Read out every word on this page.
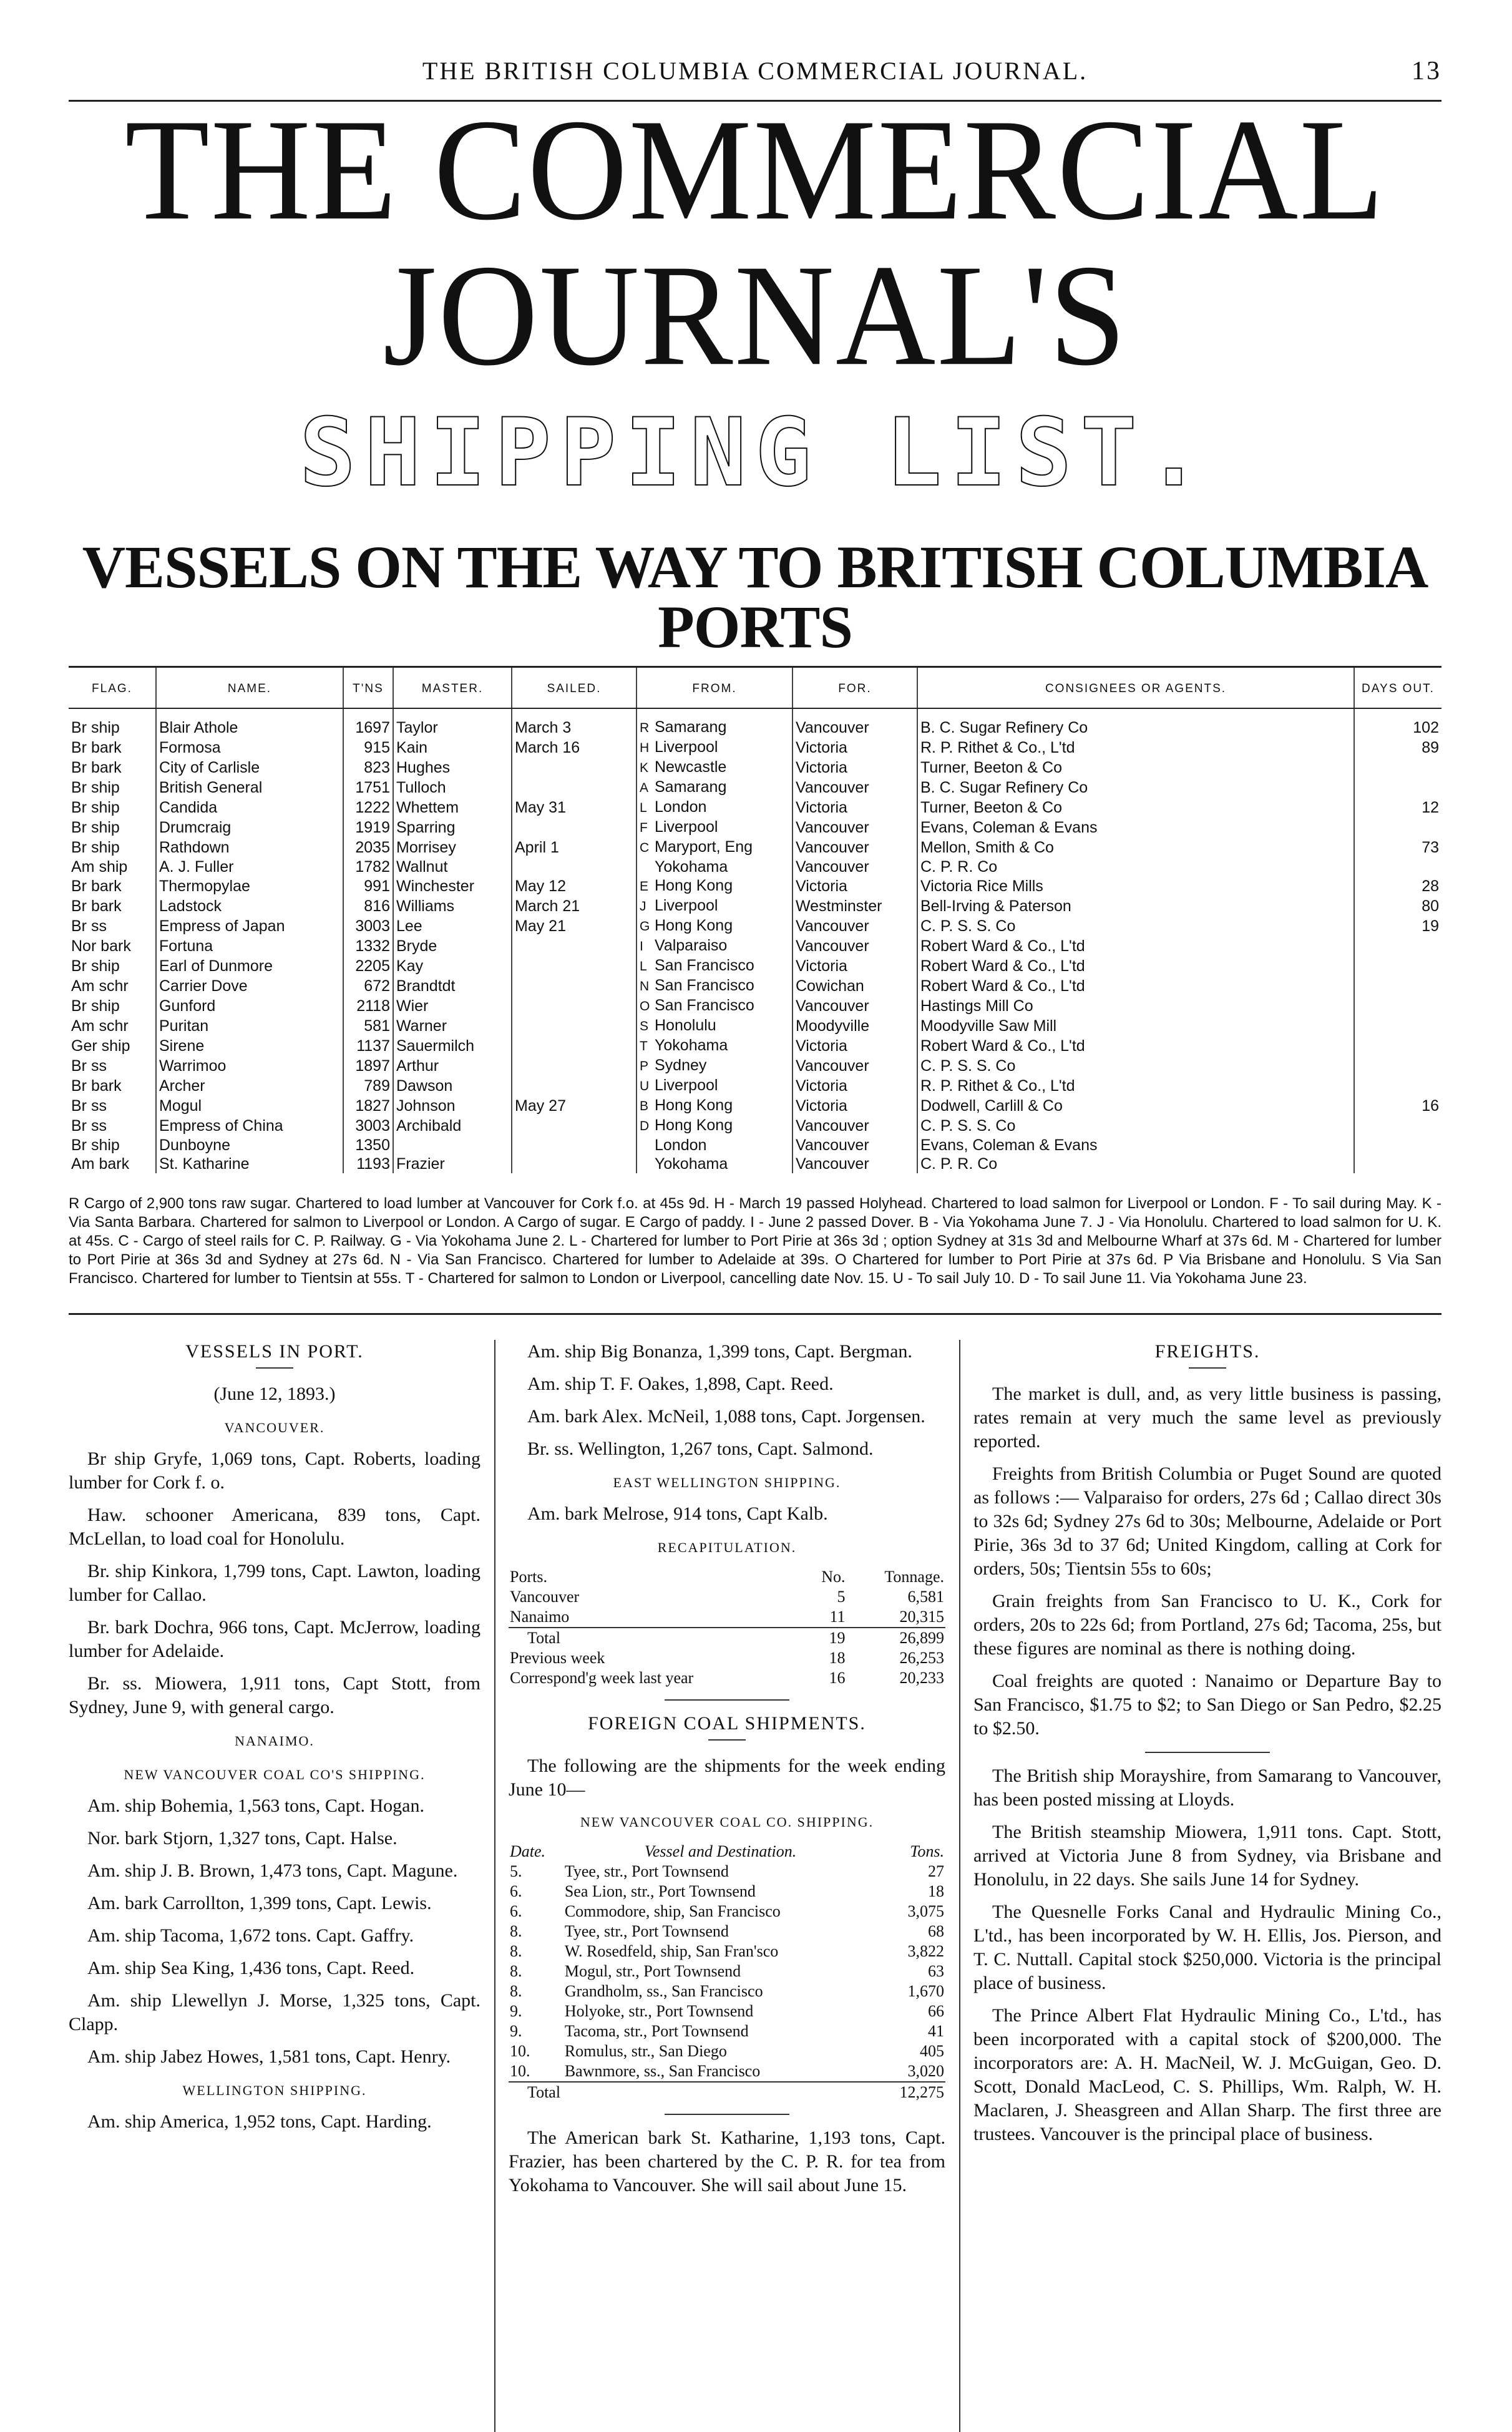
THE BRITISH COLUMBIA COMMERCIAL JOURNAL.	13
THE COMMERCIAL JOURNAL'S
SHIPPING LIST.
VESSELS ON THE WAY TO BRITISH COLUMBIA PORTS
FLAG.	NAME.	T'NS	MASTER.	SAILED.	FROM.	FOR.	CONSIGNEES OR AGENTS.	DAYS OUT.
Br ship	Blair Athole	1697	Taylor	March 3	R Samarang	Vancouver	B. C. Sugar Refinery Co	102
Br bark	Formosa	915	Kain	March 16	H Liverpool	Victoria	R. P. Rithet & Co., L'td	89
Br bark	City of Carlisle	823	Hughes		K Newcastle	Victoria	Turner, Beeton & Co	
Br ship	British General	1751	Tulloch		A Samarang	Vancouver	B. C. Sugar Refinery Co	
Br ship	Candida	1222	Whettem	May 31	L London	Victoria	Turner, Beeton & Co	12
Br ship	Drumcraig	1919	Sparring		F Liverpool	Vancouver	Evans, Coleman & Evans	
Br ship	Rathdown	2035	Morrisey	April 1	C Maryport, Eng	Vancouver	Mellon, Smith & Co	73
Am ship	A. J. Fuller	1782	Wallnut		Yokohama	Vancouver	C. P. R. Co	
Br bark	Thermopylae	991	Winchester	May 12	E Hong Kong	Victoria	Victoria Rice Mills	28
Br bark	Ladstock	816	Williams	March 21	J Liverpool	Westminster	Bell-Irving & Paterson	80
Br ss	Empress of Japan	3003	Lee	May 21	G Hong Kong	Vancouver	C. P. S. S. Co	19
Nor bark	Fortuna	1332	Bryde		I Valparaiso	Vancouver	Robert Ward & Co., L'td	
Br ship	Earl of Dunmore	2205	Kay		L San Francisco	Victoria	Robert Ward & Co., L'td	
Am schr	Carrier Dove	672	Brandtdt		N San Francisco	Cowichan	Robert Ward & Co., L'td	
Br ship	Gunford	2118	Wier		O San Francisco	Vancouver	Hastings Mill Co	
Am schr	Puritan	581	Warner		S Honolulu	Moodyville	Moodyville Saw Mill	
Ger ship	Sirene	1137	Sauermilch		T Yokohama	Victoria	Robert Ward & Co., L'td	
Br ss	Warrimoo	1897	Arthur		P Sydney	Vancouver	C. P. S. S. Co	
Br bark	Archer	789	Dawson		U Liverpool	Victoria	R. P. Rithet & Co., L'td	
Br ss	Mogul	1827	Johnson	May 27	B Hong Kong	Victoria	Dodwell, Carlill & Co	16
Br ss	Empress of China	3003	Archibald		D Hong Kong	Vancouver	C. P. S. S. Co	
Br ship	Dunboyne	1350			London	Vancouver	Evans, Coleman & Evans	
Am bark	St. Katharine	1193	Frazier		Yokohama	Vancouver	C. P. R. Co	
R Cargo of 2,900 tons raw sugar. Chartered to load lumber at Vancouver for Cork f.o. at 45s 9d. H - March 19 passed Holyhead. Chartered to load salmon for Liverpool or London. F - To sail during May. K - Via Santa Barbara. Chartered for salmon to Liverpool or London. A Cargo of sugar. E Cargo of paddy. I - June 2 passed Dover. B - Via Yokohama June 7. J - Via Honolulu. Chartered to load salmon for U. K. at 45s. C - Cargo of steel rails for C. P. Railway. G - Via Yokohama June 2. L - Chartered for lumber to Port Pirie at 36s 3d ; option Sydney at 31s 3d and Melbourne Wharf at 37s 6d. M - Chartered for lumber to Port Pirie at 36s 3d and Sydney at 27s 6d. N - Via San Francisco. Chartered for lumber to Adelaide at 39s. O Chartered for lumber to Port Pirie at 37s 6d. P Via Brisbane and Honolulu. S Via San Francisco. Chartered for lumber to Tientsin at 55s. T - Chartered for salmon to London or Liverpool, cancelling date Nov. 15. U - To sail July 10. D - To sail June 11. Via Yokohama June 23.
VESSELS IN PORT.
(June 12, 1893.)
VANCOUVER.

Br ship Gryfe, 1,069 tons, Capt. Roberts, loading lumber for Cork f. o.

Haw. schooner Americana, 839 tons, Capt. McLellan, to load coal for Honolulu.

Br. ship Kinkora, 1,799 tons, Capt. Lawton, loading lumber for Callao.

Br. bark Dochra, 966 tons, Capt. McJerrow, loading lumber for Adelaide.

Br. ss. Miowera, 1,911 tons, Capt Stott, from Sydney, June 9, with general cargo.

NANAIMO.
NEW VANCOUVER COAL CO'S SHIPPING.

Am. ship Bohemia, 1,563 tons, Capt. Hogan.

Nor. bark Stjorn, 1,327 tons, Capt. Halse.

Am. ship J. B. Brown, 1,473 tons, Capt. Magune.

Am. bark Carrollton, 1,399 tons, Capt. Lewis.

Am. ship Tacoma, 1,672 tons. Capt. Gaffry.

Am. ship Sea King, 1,436 tons, Capt. Reed.

Am. ship Llewellyn J. Morse, 1,325 tons, Capt. Clapp.

Am. ship Jabez Howes, 1,581 tons, Capt. Henry.

WELLINGTON SHIPPING.

Am. ship America, 1,952 tons, Capt. Harding.

Am. ship Big Bonanza, 1,399 tons, Capt. Bergman.

Am. ship T. F. Oakes, 1,898, Capt. Reed.

Am. bark Alex. McNeil, 1,088 tons, Capt. Jorgensen.

Br. ss. Wellington, 1,267 tons, Capt. Salmond.

EAST WELLINGTON SHIPPING.

Am. bark Melrose, 914 tons, Capt Kalb.

RECAPITULATION.
Ports.	No.	Tonnage.
Vancouver	5	6,581
Nanaimo	11	20,315
Total	19	26,899
Previous week	18	26,253
Correspond'g week last year	16	20,233
FOREIGN COAL SHIPMENTS.

The following are the shipments for the week ending June 10—

NEW VANCOUVER COAL CO. SHIPPING.
Date.	Vessel and Destination.	Tons.
5.	Tyee, str., Port Townsend	27
6.	Sea Lion, str., Port Townsend	18
6.	Commodore, ship, San Francisco	3,075
8.	Tyee, str., Port Townsend	68
8.	W. Rosedfeld, ship, San Fran'sco	3,822
8.	Mogul, str., Port Townsend	63
8.	Grandholm, ss., San Francisco	1,670
9.	Holyoke, str., Port Townsend	66
9.	Tacoma, str., Port Townsend	41
10.	Romulus, str., San Diego	405
10.	Bawnmore, ss., San Francisco	3,020
Total		12,275

The American bark St. Katharine, 1,193 tons, Capt. Frazier, has been chartered by the C. P. R. for tea from Yokohama to Vancouver. She will sail about June 15.

FREIGHTS.

The market is dull, and, as very little business is passing, rates remain at very much the same level as previously reported.

Freights from British Columbia or Puget Sound are quoted as follows :— Valparaiso for orders, 27s 6d ; Callao direct 30s to 32s 6d; Sydney 27s 6d to 30s; Melbourne, Adelaide or Port Pirie, 36s 3d to 37 6d; United Kingdom, calling at Cork for orders, 50s; Tientsin 55s to 60s;

Grain freights from San Francisco to U. K., Cork for orders, 20s to 22s 6d; from Portland, 27s 6d; Tacoma, 25s, but these figures are nominal as there is nothing doing.

Coal freights are quoted : Nanaimo or Departure Bay to San Francisco, $1.75 to $2; to San Diego or San Pedro, $2.25 to $2.50.

The British ship Morayshire, from Samarang to Vancouver, has been posted missing at Lloyds.

The British steamship Miowera, 1,911 tons. Capt. Stott, arrived at Victoria June 8 from Sydney, via Brisbane and Honolulu, in 22 days. She sails June 14 for Sydney.

The Quesnelle Forks Canal and Hydraulic Mining Co., L'td., has been incorporated by W. H. Ellis, Jos. Pierson, and T. C. Nuttall. Capital stock $250,000. Victoria is the principal place of business.

The Prince Albert Flat Hydraulic Mining Co., L'td., has been incorporated with a capital stock of $200,000. The incorporators are: A. H. MacNeil, W. J. McGuigan, Geo. D. Scott, Donald MacLeod, C. S. Phillips, Wm. Ralph, W. H. Maclaren, J. Sheasgreen and Allan Sharp. The first three are trustees. Vancouver is the principal place of business.
